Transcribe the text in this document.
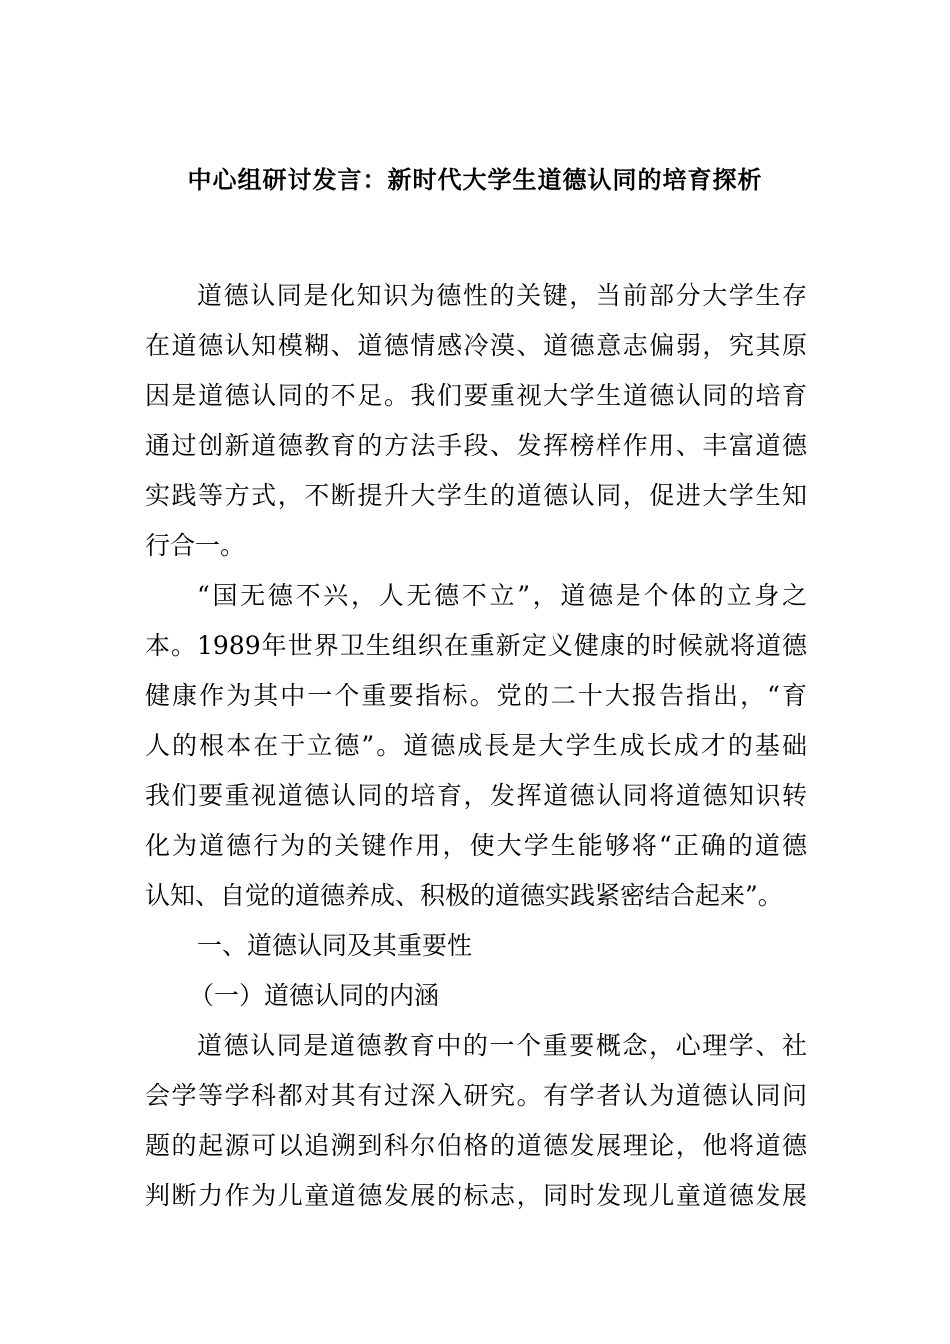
中心组研讨发言：新时代大学生道德认同的培育探析
道德认同是化知识为德性的关键，当前部分大学生存
在道德认知模糊、道德情感冷漠、道德意志偏弱，究其原
因是道德认同的不足。我们要重视大学生道德认同的培育
通过创新道德教育的方法手段、发挥榜样作用、丰富道德
实践等方式，不断提升大学生的道德认同，促进大学生知
行合一。
“国无德不兴，人无德不立”，道德是个体的立身之
本。1989年世界卫生组织在重新定义健康的时候就将道德
健康作为其中一个重要指标。党的二十大报告指出，“育
人的根本在于立德”。道德成長是大学生成长成才的基础
我们要重视道德认同的培育，发挥道德认同将道德知识转
化为道德行为的关键作用，使大学生能够将“正确的道德
认知、自觉的道德养成、积极的道德实践紧密结合起来”。
一、道德认同及其重要性
（一）道德认同的内涵
道德认同是道德教育中的一个重要概念，心理学、社
会学等学科都对其有过深入研究。有学者认为道德认同问
题的起源可以追溯到科尔伯格的道德发展理论，他将道德
判断力作为儿童道德发展的标志，同时发现儿童道德发展
